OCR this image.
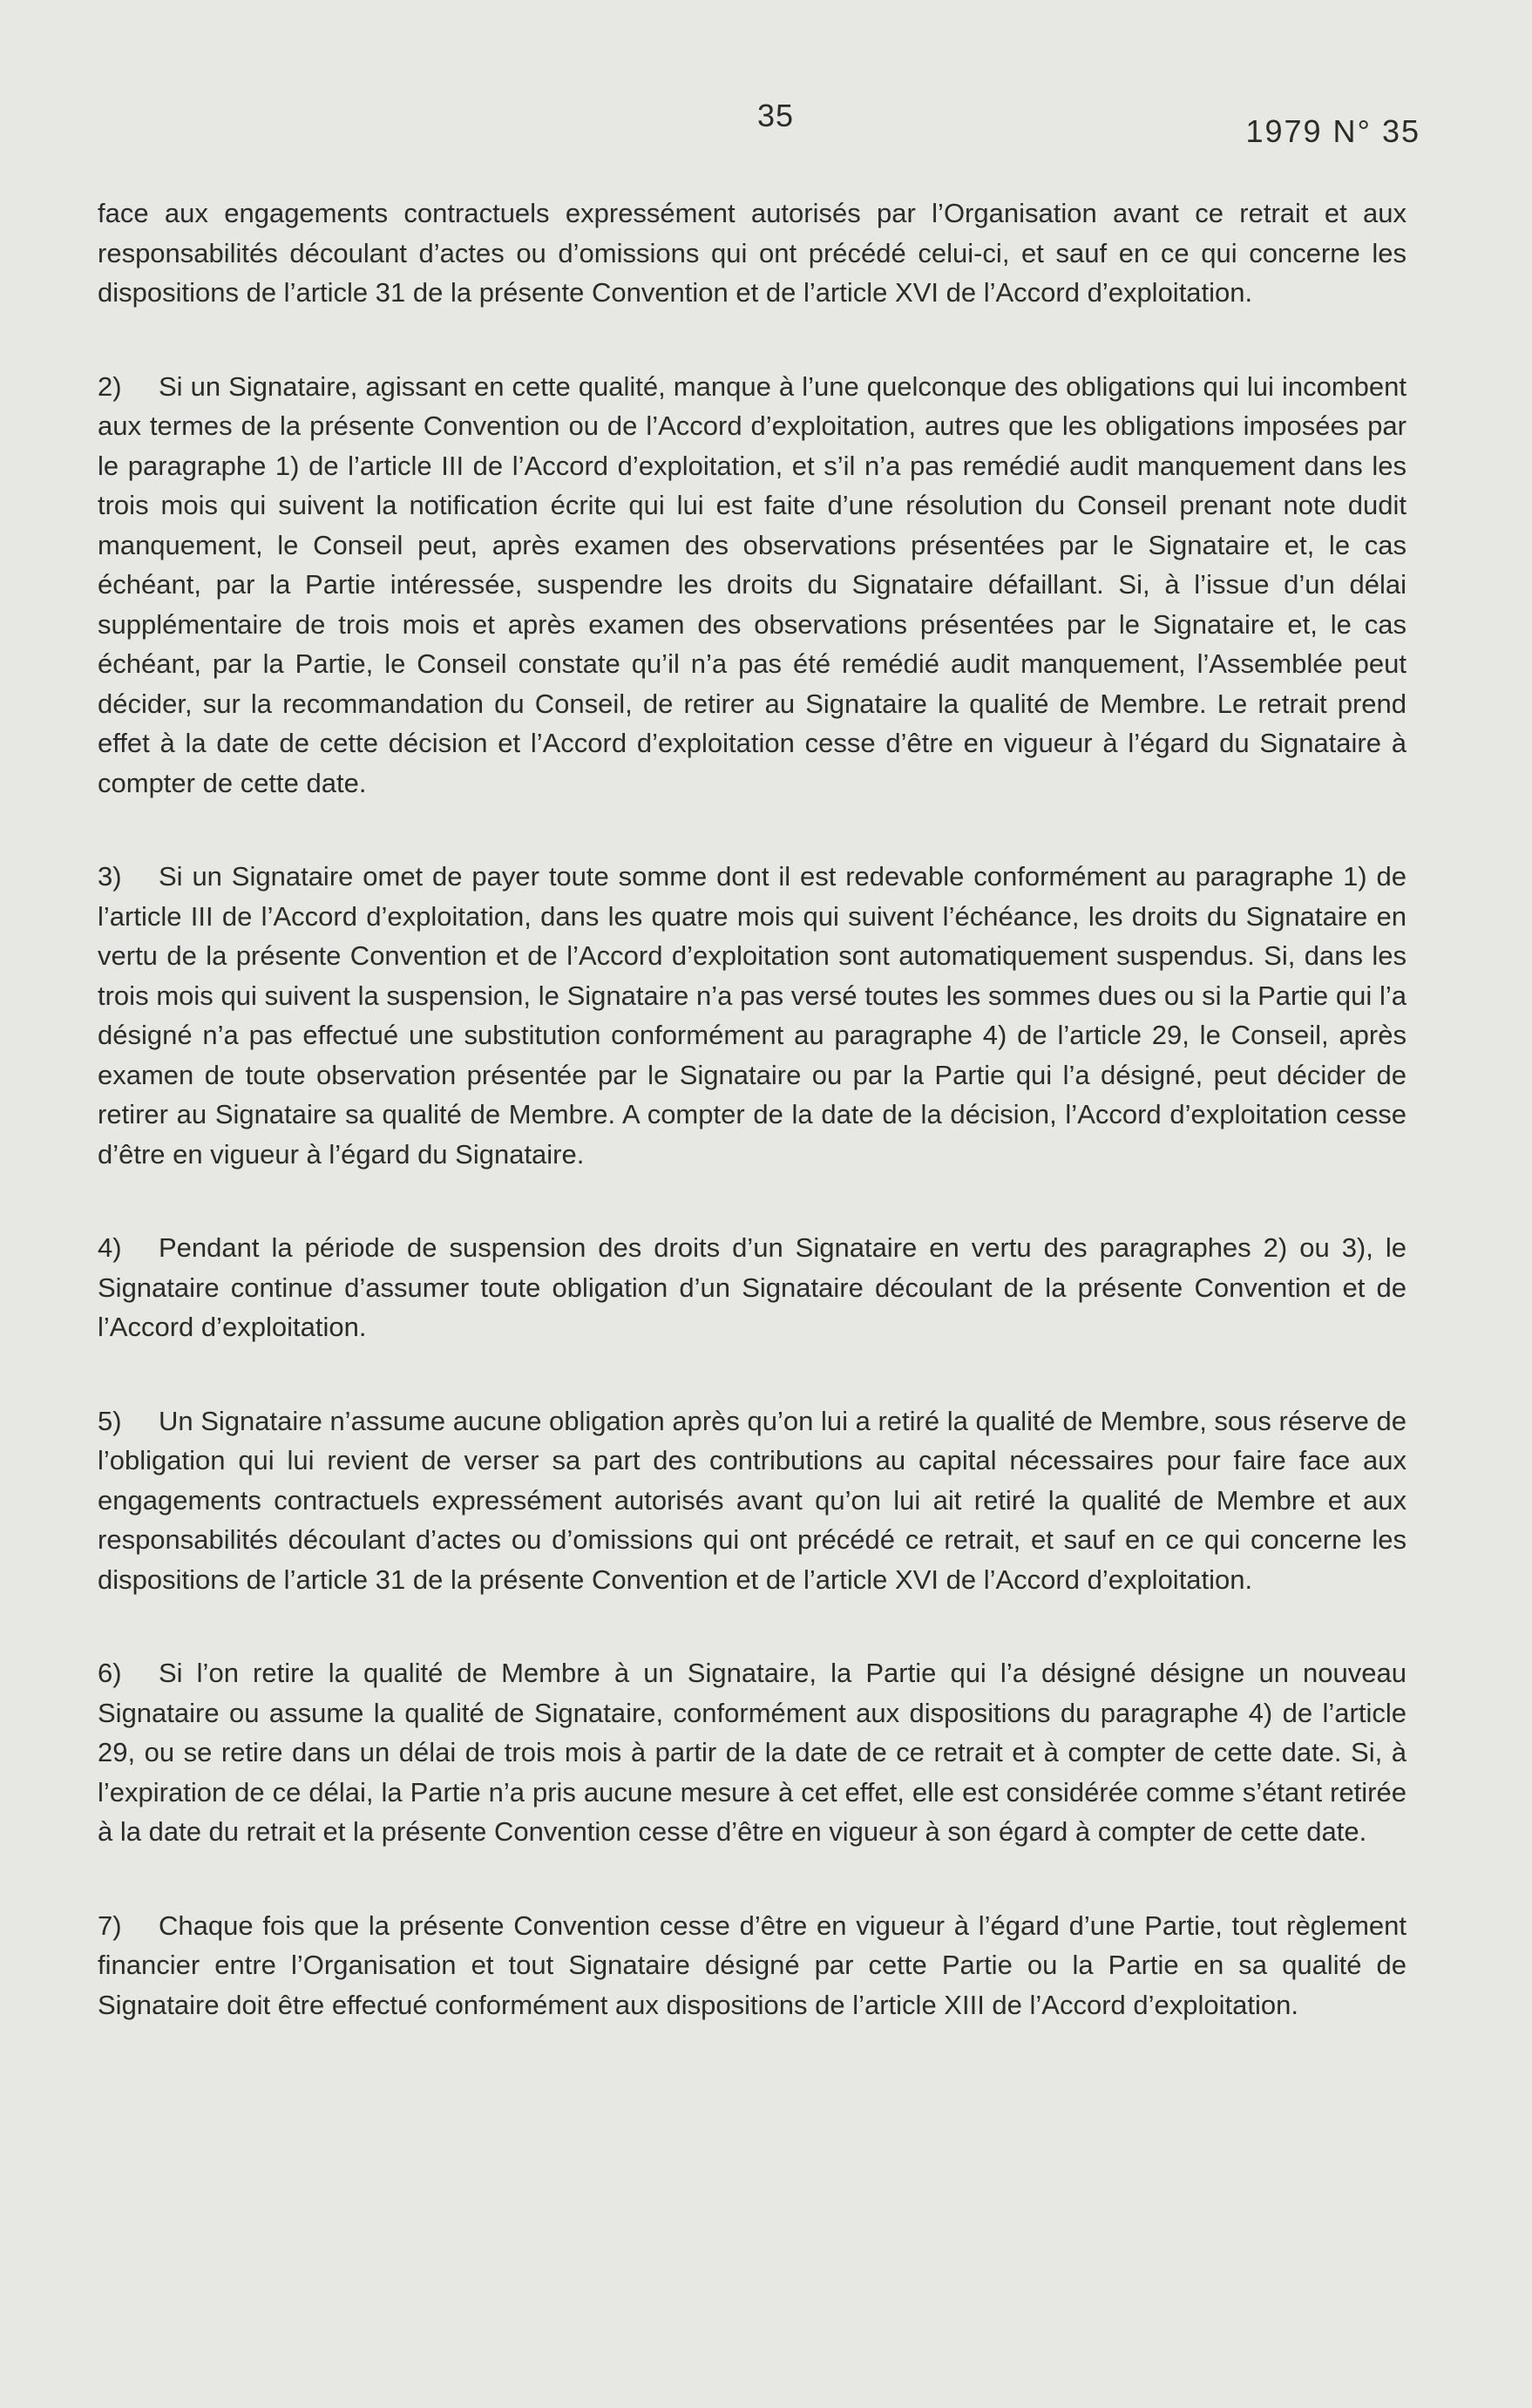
35	1979 N° 35

face aux engagements contractuels expressément autorisés par l’Organisation avant ce retrait et aux responsabilités découlant d’actes ou d’omissions qui ont précédé celui-ci, et sauf en ce qui concerne les dispositions de l’article 31 de la présente Convention et de l’article XVI de l’Accord d’exploitation.

2) Si un Signataire, agissant en cette qualité, manque à l’une quelconque des obligations qui lui incombent aux termes de la présente Convention ou de l’Accord d’exploitation, autres que les obligations imposées par le paragraphe 1) de l’article III de l’Accord d’exploitation, et s’il n’a pas remédié audit manquement dans les trois mois qui suivent la notification écrite qui lui est faite d’une résolution du Conseil prenant note dudit manquement, le Conseil peut, après examen des observations présentées par le Signataire et, le cas échéant, par la Partie intéressée, suspendre les droits du Signataire défaillant. Si, à l’issue d’un délai supplémentaire de trois mois et après examen des observations présentées par le Signataire et, le cas échéant, par la Partie, le Conseil constate qu’il n’a pas été remédié audit manquement, l’Assemblée peut décider, sur la recommandation du Conseil, de retirer au Signataire la qualité de Membre. Le retrait prend effet à la date de cette décision et l’Accord d’exploitation cesse d’être en vigueur à l’égard du Signataire à compter de cette date.

3) Si un Signataire omet de payer toute somme dont il est redevable conformément au paragraphe 1) de l’article III de l’Accord d’exploitation, dans les quatre mois qui suivent l’échéance, les droits du Signataire en vertu de la présente Convention et de l’Accord d’exploitation sont automatiquement suspendus. Si, dans les trois mois qui suivent la suspension, le Signataire n’a pas versé toutes les sommes dues ou si la Partie qui l’a désigné n’a pas effectué une substitution conformément au paragraphe 4) de l’article 29, le Conseil, après examen de toute observation présentée par le Signataire ou par la Partie qui l’a désigné, peut décider de retirer au Signataire sa qualité de Membre. A compter de la date de la décision, l’Accord d’exploitation cesse d’être en vigueur à l’égard du Signataire.

4) Pendant la période de suspension des droits d’un Signataire en vertu des paragraphes 2) ou 3), le Signataire continue d’assumer toute obligation d’un Signataire découlant de la présente Convention et de l’Accord d’exploitation.

5) Un Signataire n’assume aucune obligation après qu’on lui a retiré la qualité de Membre, sous réserve de l’obligation qui lui revient de verser sa part des contributions au capital nécessaires pour faire face aux engagements contractuels expressément autorisés avant qu’on lui ait retiré la qualité de Membre et aux responsabilités découlant d’actes ou d’omissions qui ont précédé ce retrait, et sauf en ce qui concerne les dispositions de l’article 31 de la présente Convention et de l’article XVI de l’Accord d’exploitation.

6) Si l’on retire la qualité de Membre à un Signataire, la Partie qui l’a désigné désigne un nouveau Signataire ou assume la qualité de Signataire, conformément aux dispositions du paragraphe 4) de l’article 29, ou se retire dans un délai de trois mois à partir de la date de ce retrait et à compter de cette date. Si, à l’expiration de ce délai, la Partie n’a pris aucune mesure à cet effet, elle est considérée comme s’étant retirée à la date du retrait et la présente Convention cesse d’être en vigueur à son égard à compter de cette date.

7) Chaque fois que la présente Convention cesse d’être en vigueur à l’égard d’une Partie, tout règlement financier entre l’Organisation et tout Signataire désigné par cette Partie ou la Partie en sa qualité de Signataire doit être effectué conformément aux dispositions de l’article XIII de l’Accord d’exploitation.
